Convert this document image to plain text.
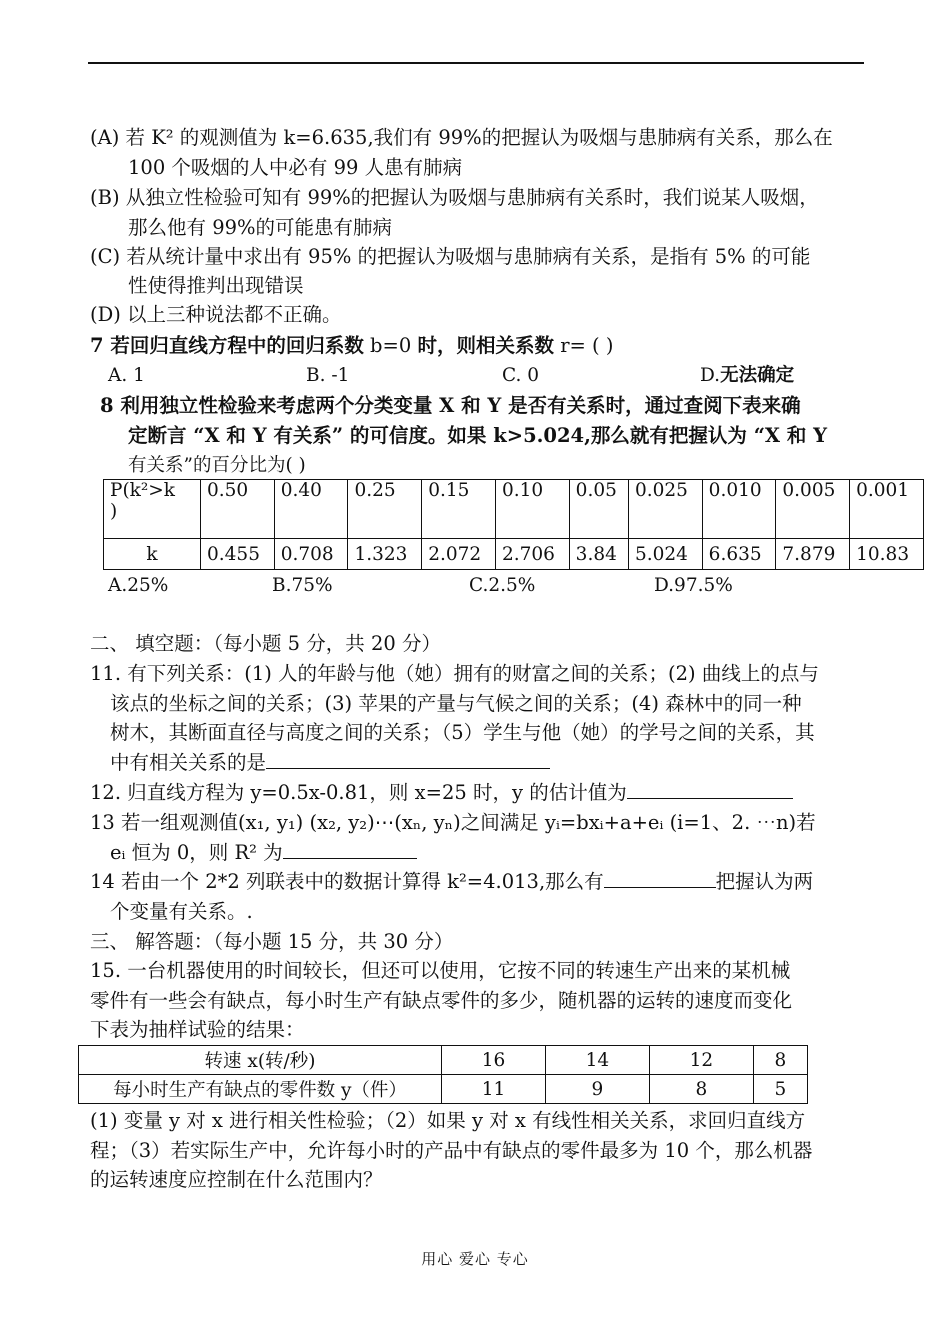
(A) 若 K² 的观测值为 k=6.635,我们有 99%的把握认为吸烟与患肺病有关系，那么在
100 个吸烟的人中必有 99 人患有肺病
(B) 从独立性检验可知有 99%的把握认为吸烟与患肺病有关系时，我们说某人吸烟，
那么他有 99%的可能患有肺病
(C) 若从统计量中求出有 95% 的把握认为吸烟与患肺病有关系，是指有 5% 的可能
性使得推判出现错误
(D) 以上三种说法都不正确。
7 若回归直线方程中的回归系数 b=0 时，则相关系数 r= ( )
A. 1	B. -1	C. 0	D.无法确定
8 利用独立性检验来考虑两个分类变量 X 和 Y 是否有关系时，通过查阅下表来确
定断言 “X 和 Y 有关系” 的可信度。如果 k>5.024,那么就有把握认为 “X 和 Y
有关系”的百分比为( )
P(k²>k
)	0.50	0.40	0.25	0.15	0.10	0.05	0.025	0.010	0.005	0.001
k	0.455	0.708	1.323	2.072	2.706	3.84	5.024	6.635	7.879	10.83
A.25%	B.75%	C.2.5%	D.97.5%
二、 填空题：（每小题 5 分，共 20 分）
11. 有下列关系：(1) 人的年龄与他（她）拥有的财富之间的关系；(2) 曲线上的点与
该点的坐标之间的关系；(3) 苹果的产量与气候之间的关系；(4) 森林中的同一种
树木，其断面直径与高度之间的关系；（5）学生与他（她）的学号之间的关系，其
中有相关关系的是
12. 归直线方程为 y=0.5x-0.81，则 x=25 时，y 的估计值为
13 若一组观测值(x₁, y₁) (x₂, y₂)⋯(xₙ, yₙ)之间满足 yᵢ=bxᵢ+a+eᵢ (i=1、2. ⋯n)若
eᵢ 恒为 0，则 R² 为
14 若由一个 2*2 列联表中的数据计算得 k²=4.013,那么有	把握认为两
个变量有关系。.
三、 解答题：（每小题 15 分，共 30 分）
15. 一台机器使用的时间较长，但还可以使用，它按不同的转速生产出来的某机械
零件有一些会有缺点，每小时生产有缺点零件的多少，随机器的运转的速度而变化
下表为抽样试验的结果：
转速 x(转/秒)	16	14	12	8
每小时生产有缺点的零件数 y（件）	11	9	8	5
(1) 变量 y 对 x 进行相关性检验；（2）如果 y 对 x 有线性相关关系，求回归直线方
程；（3）若实际生产中，允许每小时的产品中有缺点的零件最多为 10 个，那么机器
的运转速度应控制在什么范围内？
用心 爱心 专心
